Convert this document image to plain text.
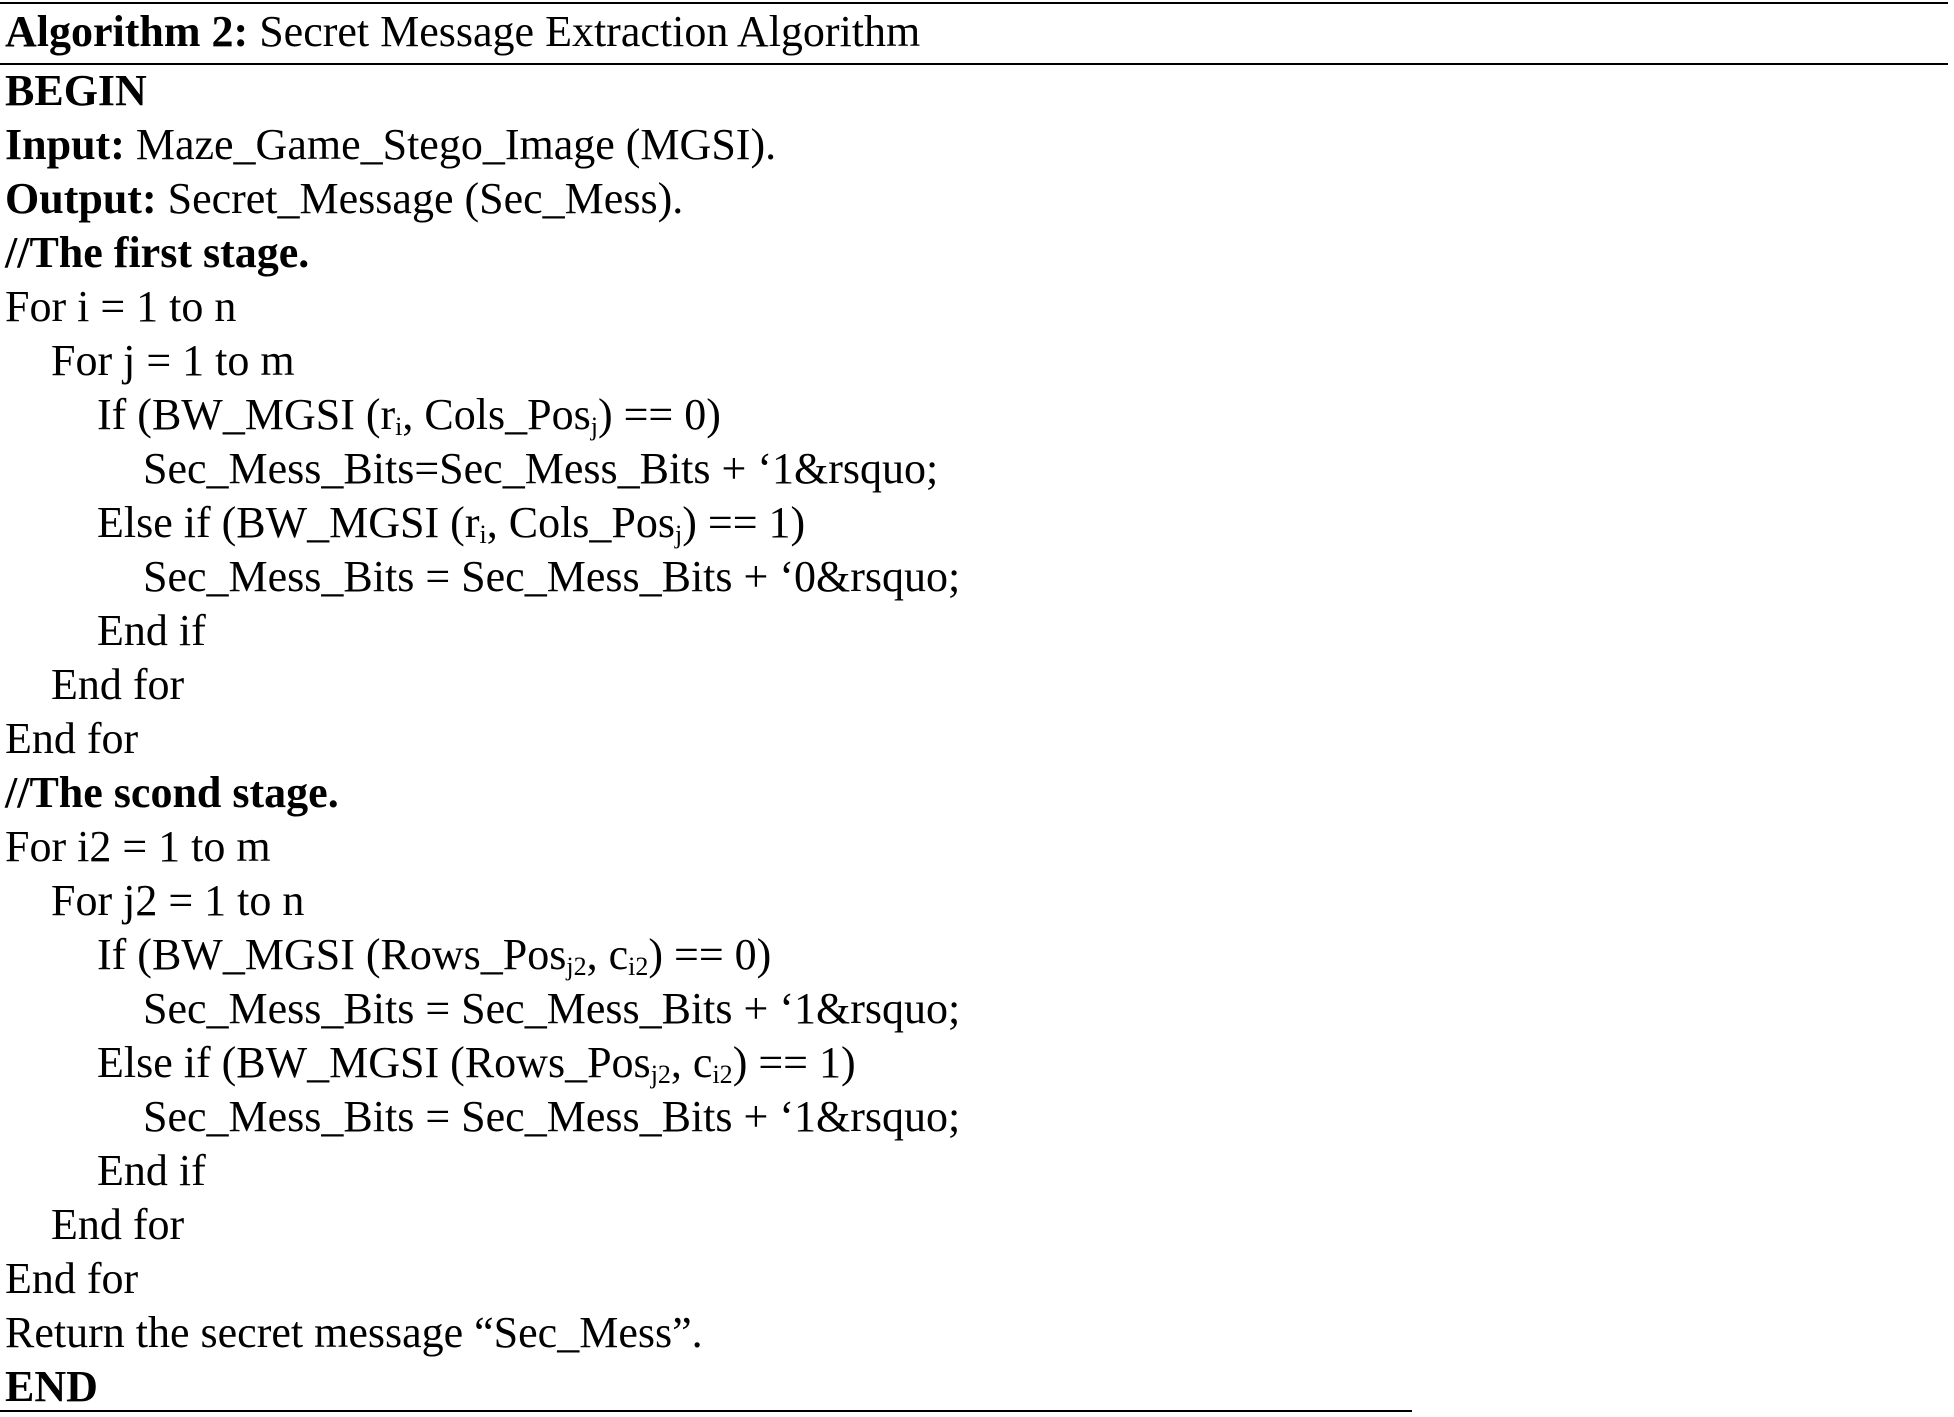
Algorithm 2: Secret Message Extraction Algorithm
BEGIN
Input: Maze_Game_Stego_Image (MGSI).
Output: Secret_Message (Sec_Mess).
//The first stage.
For i = 1 to n
For j = 1 to m
If (BW_MGSI ($r_i$, Cols_Pos$_j$) == 0)
Sec_Mess_Bits=Sec_Mess_Bits + ‘1&rsquo;
Else if (BW_MGSI ($r_i$, Cols_Pos$_j$) == 1)
Sec_Mess_Bits = Sec_Mess_Bits + ‘0&rsquo;
End if
End for
End for
//The scond stage.
For i2 = 1 to m
For j2 = 1 to n
If (BW_MGSI (Rows_Pos$_{j2}$, $c_{i2}) == 0$)
Sec_Mess_Bits = Sec_Mess_Bits + ‘1&rsquo;
Else if (BW_MGSI (Rows_Pos$_{j2}$, $c_{i2}) == 1$)
Sec_Mess_Bits = Sec_Mess_Bits + ‘1&rsquo;
End if
End for
End for
Return the secret message “Sec_Mess”.
END
